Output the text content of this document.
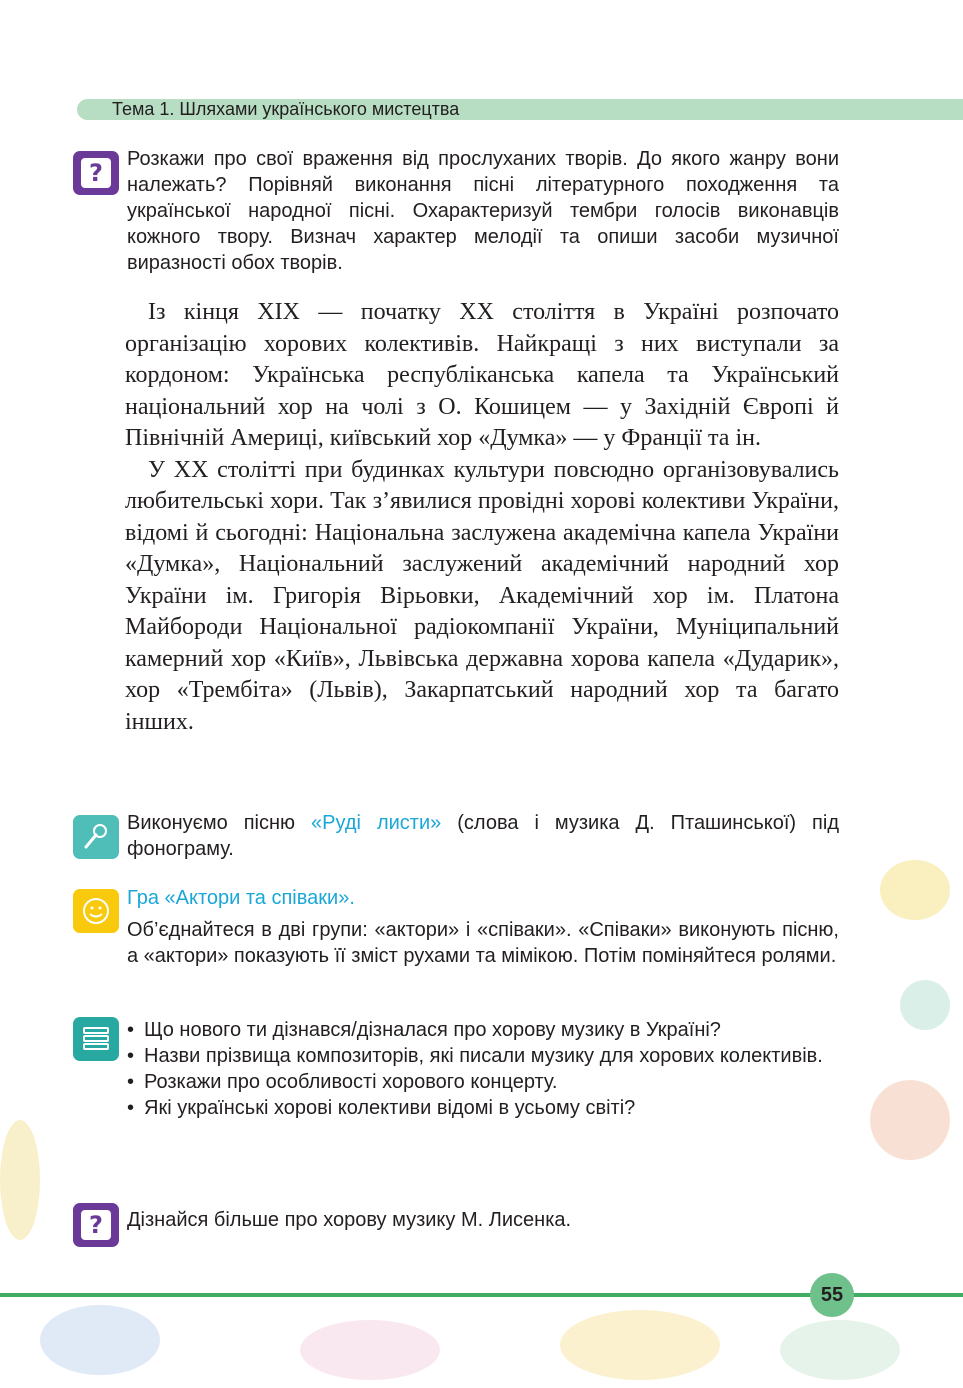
Тема 1. Шляхами українського мистецтва
?	Розкажи про свої враження від прослуханих творів. До якого жанру вони належать? Порівняй виконання пісні літературного походження та української народної пісні. Охарактеризуй тембри голосів виконавців кожного твору. Визнач характер мелодії та опиши засоби музичної виразності обох творів.

Із кінця XIX — початку XX століття в Україні розпочато організацію хорових колективів. Найкращі з них виступали за кордоном: Українська республіканська капела та Український національний хор на чолі з О. Кошицем — у Західній Європі й Північній Америці, київський хор «Думка» — у Франції та ін.

У XX столітті при будинках культури повсюдно організовувались любительські хори. Так з’явилися провідні хорові колективи України, відомі й сьогодні: Національна заслужена академічна капела України «Думка», Національний заслужений академічний народний хор України ім. Григорія Вірьовки, Академічний хор ім. Платона Майбороди Національної радіокомпанії України, Муніципальний камерний хор «Київ», Львівська державна хорова капела «Дударик», хор «Трембіта» (Львів), Закарпатський народний хор та багато інших.

Виконуємо пісню «Руді листи» (слова і музика Д. Пташинської) під фонограму.
Гра «Актори та співаки».
Об’єднайтеся в дві групи: «актори» і «співаки». «Співаки» виконують пісню, а «актори» показують її зміст рухами та мімікою. Потім поміняйтеся ролями.
• Що нового ти дізнався/дізналася про хорову музику в Україні?
• Назви прізвища композиторів, які писали музику для хорових колективів.
• Розкажи про особливості хорового концерту.
• Які українські хорові колективи відомі в усьому світі?
?	Дізнайся більше про хорову музику М. Лисенка.
55
